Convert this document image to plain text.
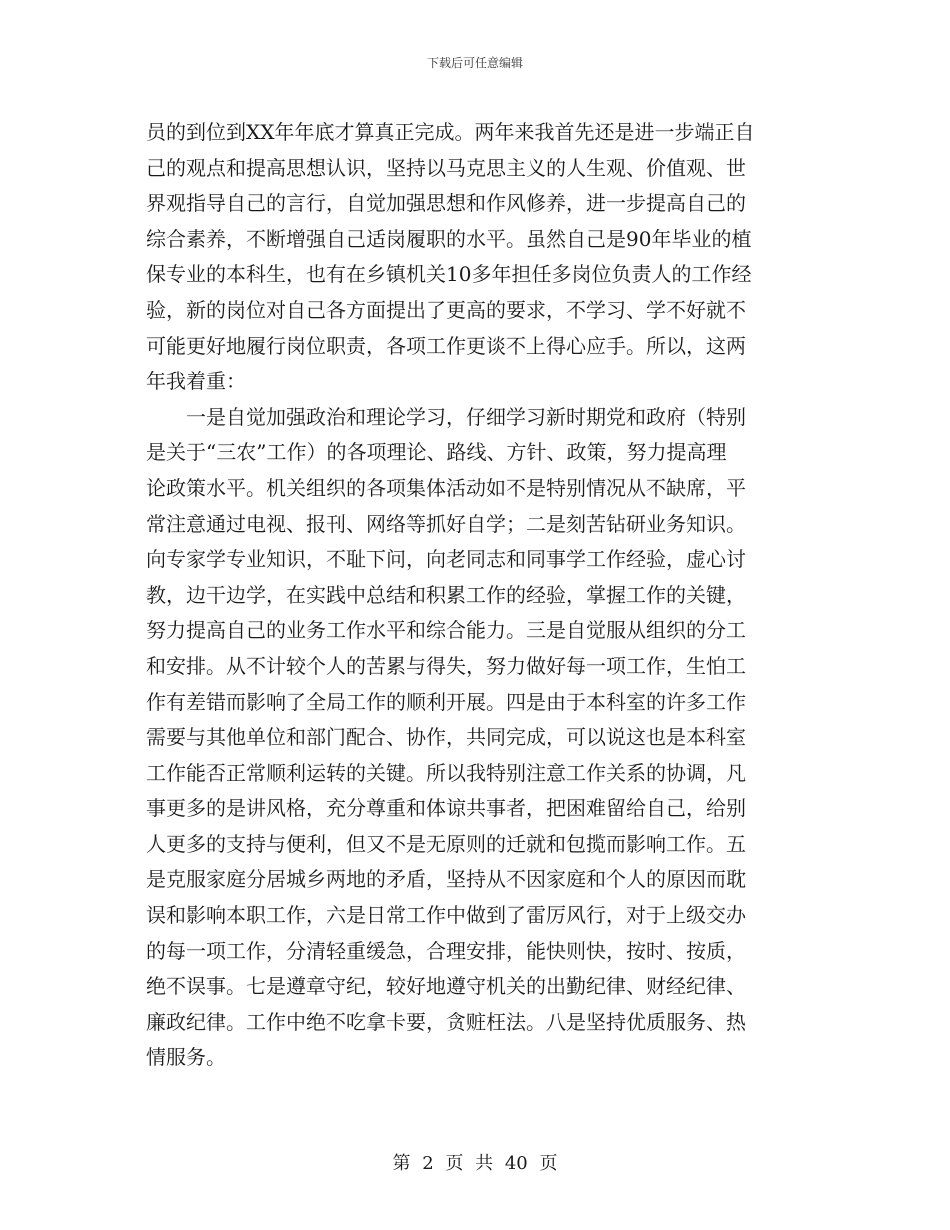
下载后可任意编辑
员的到位到XX年年底才算真正完成。两年来我首先还是进一步端正自
己的观点和提高思想认识，坚持以马克思主义的人生观、价值观、世
界观指导自己的言行，自觉加强思想和作风修养，进一步提高自己的
综合素养，不断增强自己适岗履职的水平。虽然自己是90年毕业的植
保专业的本科生，也有在乡镇机关10多年担任多岗位负责人的工作经
验，新的岗位对自己各方面提出了更高的要求，不学习、学不好就不
可能更好地履行岗位职责，各项工作更谈不上得心应手。所以，这两
年我着重：
　　一是自觉加强政治和理论学习，仔细学习新时期党和政府（特别
是关于“三农”工作）的各项理论、路线、方针、政策，努力提高理
论政策水平。机关组织的各项集体活动如不是特别情况从不缺席，平
常注意通过电视、报刊、网络等抓好自学；二是刻苦钻研业务知识。
向专家学专业知识，不耻下问，向老同志和同事学工作经验，虚心讨
教，边干边学，在实践中总结和积累工作的经验，掌握工作的关键，
努力提高自己的业务工作水平和综合能力。三是自觉服从组织的分工
和安排。从不计较个人的苦累与得失，努力做好每一项工作，生怕工
作有差错而影响了全局工作的顺利开展。四是由于本科室的许多工作
需要与其他单位和部门配合、协作，共同完成，可以说这也是本科室
工作能否正常顺利运转的关键。所以我特别注意工作关系的协调，凡
事更多的是讲风格，充分尊重和体谅共事者，把困难留给自己，给别
人更多的支持与便利，但又不是无原则的迁就和包揽而影响工作。五
是克服家庭分居城乡两地的矛盾，坚持从不因家庭和个人的原因而耽
误和影响本职工作，六是日常工作中做到了雷厉风行，对于上级交办
的每一项工作，分清轻重缓急，合理安排，能快则快，按时、按质，
绝不误事。七是遵章守纪，较好地遵守机关的出勤纪律、财经纪律、
廉政纪律。工作中绝不吃拿卡要，贪赃枉法。八是坚持优质服务、热
情服务。
第 2 页 共 40 页
